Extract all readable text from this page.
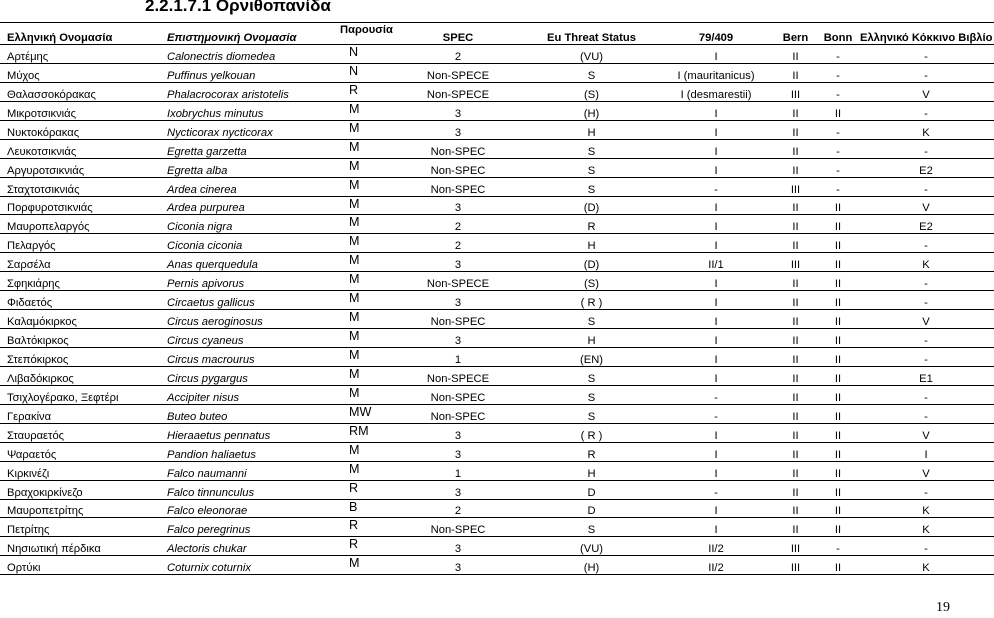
2.2.1.7.1 Ορνιθοπανίδα
Ελληνική Ονομασία	Επιστημονική Ονομασία	Παρουσία	SPEC	Eu Threat Status	79/409	Bern	Bonn	Ελληνικό Κόκκινο Βιβλίο
Αρτέμης	Calonectris diomedea	N	2	(VU)	I	II	-	-
Μύχος	Puffinus yelkouan	N	Non-SPECE	S	I (mauritanicus)	II	-	-
Θαλασσοκόρακας	Phalacrocorax aristotelis	R	Non-SPECE	(S)	I (desmarestii)	III	-	V
Μικροτσικνιάς	Ixobrychus minutus	M	3	(H)	I	II	II	-
Νυκτοκόρακας	Nycticorax nycticorax	M	3	H	I	II	-	K
Λευκοτσικνιάς	Egretta garzetta	M	Non-SPEC	S	I	II	-	-
Αργυροτσικνιάς	Egretta alba	M	Non-SPEC	S	I	II	-	E2
Σταχτοτσικνιάς	Ardea cinerea	M	Non-SPEC	S	-	III	-	-
Πορφυροτσικνιάς	Ardea purpurea	M	3	(D)	I	II	II	V
Μαυροπελαργός	Ciconia nigra	M	2	R	I	II	II	E2
Πελαργός	Ciconia ciconia	M	2	H	I	II	II	-
Σαρσέλα	Anas querquedula	M	3	(D)	II/1	III	II	K
Σφηκιάρης	Pernis apivorus	M	Non-SPECE	(S)	I	II	II	-
Φιδαετός	Circaetus gallicus	M	3	( R )	I	II	II	-
Καλαμόκιρκος	Circus aeroginosus	M	Non-SPEC	S	I	II	II	V
Βαλτόκιρκος	Circus cyaneus	M	3	H	I	II	II	-
Στεπόκιρκος	Circus macrourus	M	1	(EN)	I	II	II	-
Λιβαδόκιρκος	Circus pygargus	M	Non-SPECE	S	I	II	II	E1
Τσιχλογέρακο, Ξεφτέρι	Accipiter nisus	M	Non-SPEC	S	-	II	II	-
Γερακίνα	Buteo buteo	MW	Non-SPEC	S	-	II	II	-
Σταυραετός	Hieraaetus pennatus	RM	3	( R )	I	II	II	V
Ψαραετός	Pandion haliaetus	M	3	R	I	II	II	I
Κιρκινέζι	Falco naumanni	M	1	H	I	II	II	V
Βραχοκιρκίνεζο	Falco tinnunculus	R	3	D	-	II	II	-
Μαυροπετρίτης	Falco eleonorae	B	2	D	I	II	II	K
Πετρίτης	Falco peregrinus	R	Non-SPEC	S	I	II	II	K
Νησιωτική πέρδικα	Alectoris chukar	R	3	(VU)	II/2	III	-	-
Ορτύκι	Coturnix coturnix	M	3	(H)	II/2	III	II	K
19
